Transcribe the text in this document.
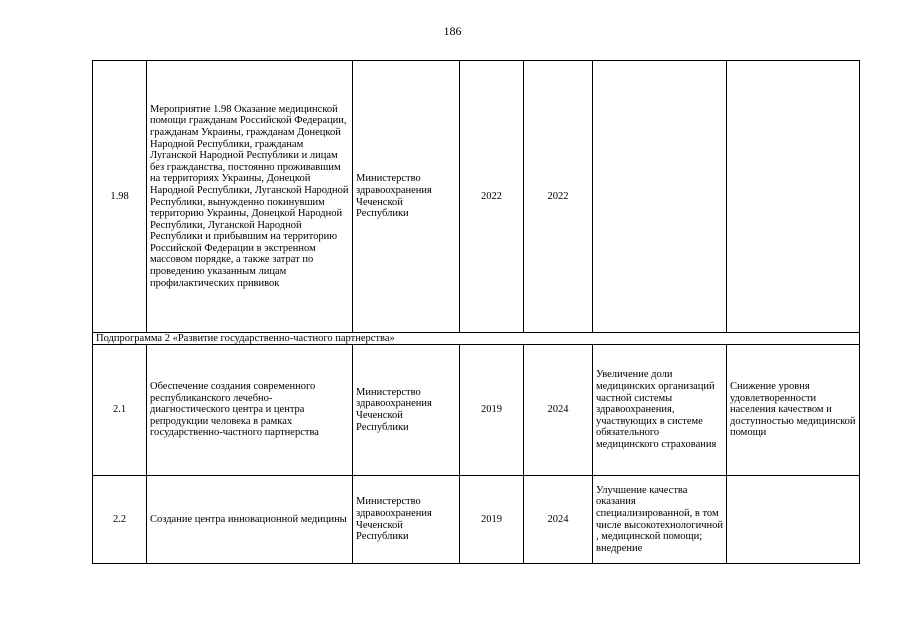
186
1.98	Мероприятие 1.98 Оказание медицинской помощи гражданам Российской Федерации, гражданам Украины, гражданам Донецкой Народной Республики, гражданам Луганской Народной Республики и лицам без гражданства, постоянно проживавшим на территориях Украины, Донецкой Народной Республики, Луганской Народной Республики, вынужденно покинувшим территорию Украины, Донецкой Народной Республики, Луганской Народной Республики и прибывшим на территорию Российской Федерации в экстренном массовом порядке, а также затрат по проведению указанным лицам профилактических прививок	Министерство здравоохранения Чеченской Республики	2022	2022		
Подпрограмма 2 «Развитие государственно-частного партнерства»						
2.1	Обеспечение создания современного республиканского лечебно-диагностического центра и центра репродукции человека в рамках государственно-частного партнерства	Министерство здравоохранения Чеченской Республики	2019	2024	Увеличение доли медицинских организаций частной системы здравоохранения, участвующих в системе обязательного медицинского страхования	Снижение уровня удовлетворенности населения качеством и доступностью медицинской помощи
2.2	Создание центра инновационной медицины	Министерство здравоохранения Чеченской Республики	2019	2024	Улучшение качества оказания специализированной, в том числе высокотехнологичной , медицинской помощи; внедрение	
